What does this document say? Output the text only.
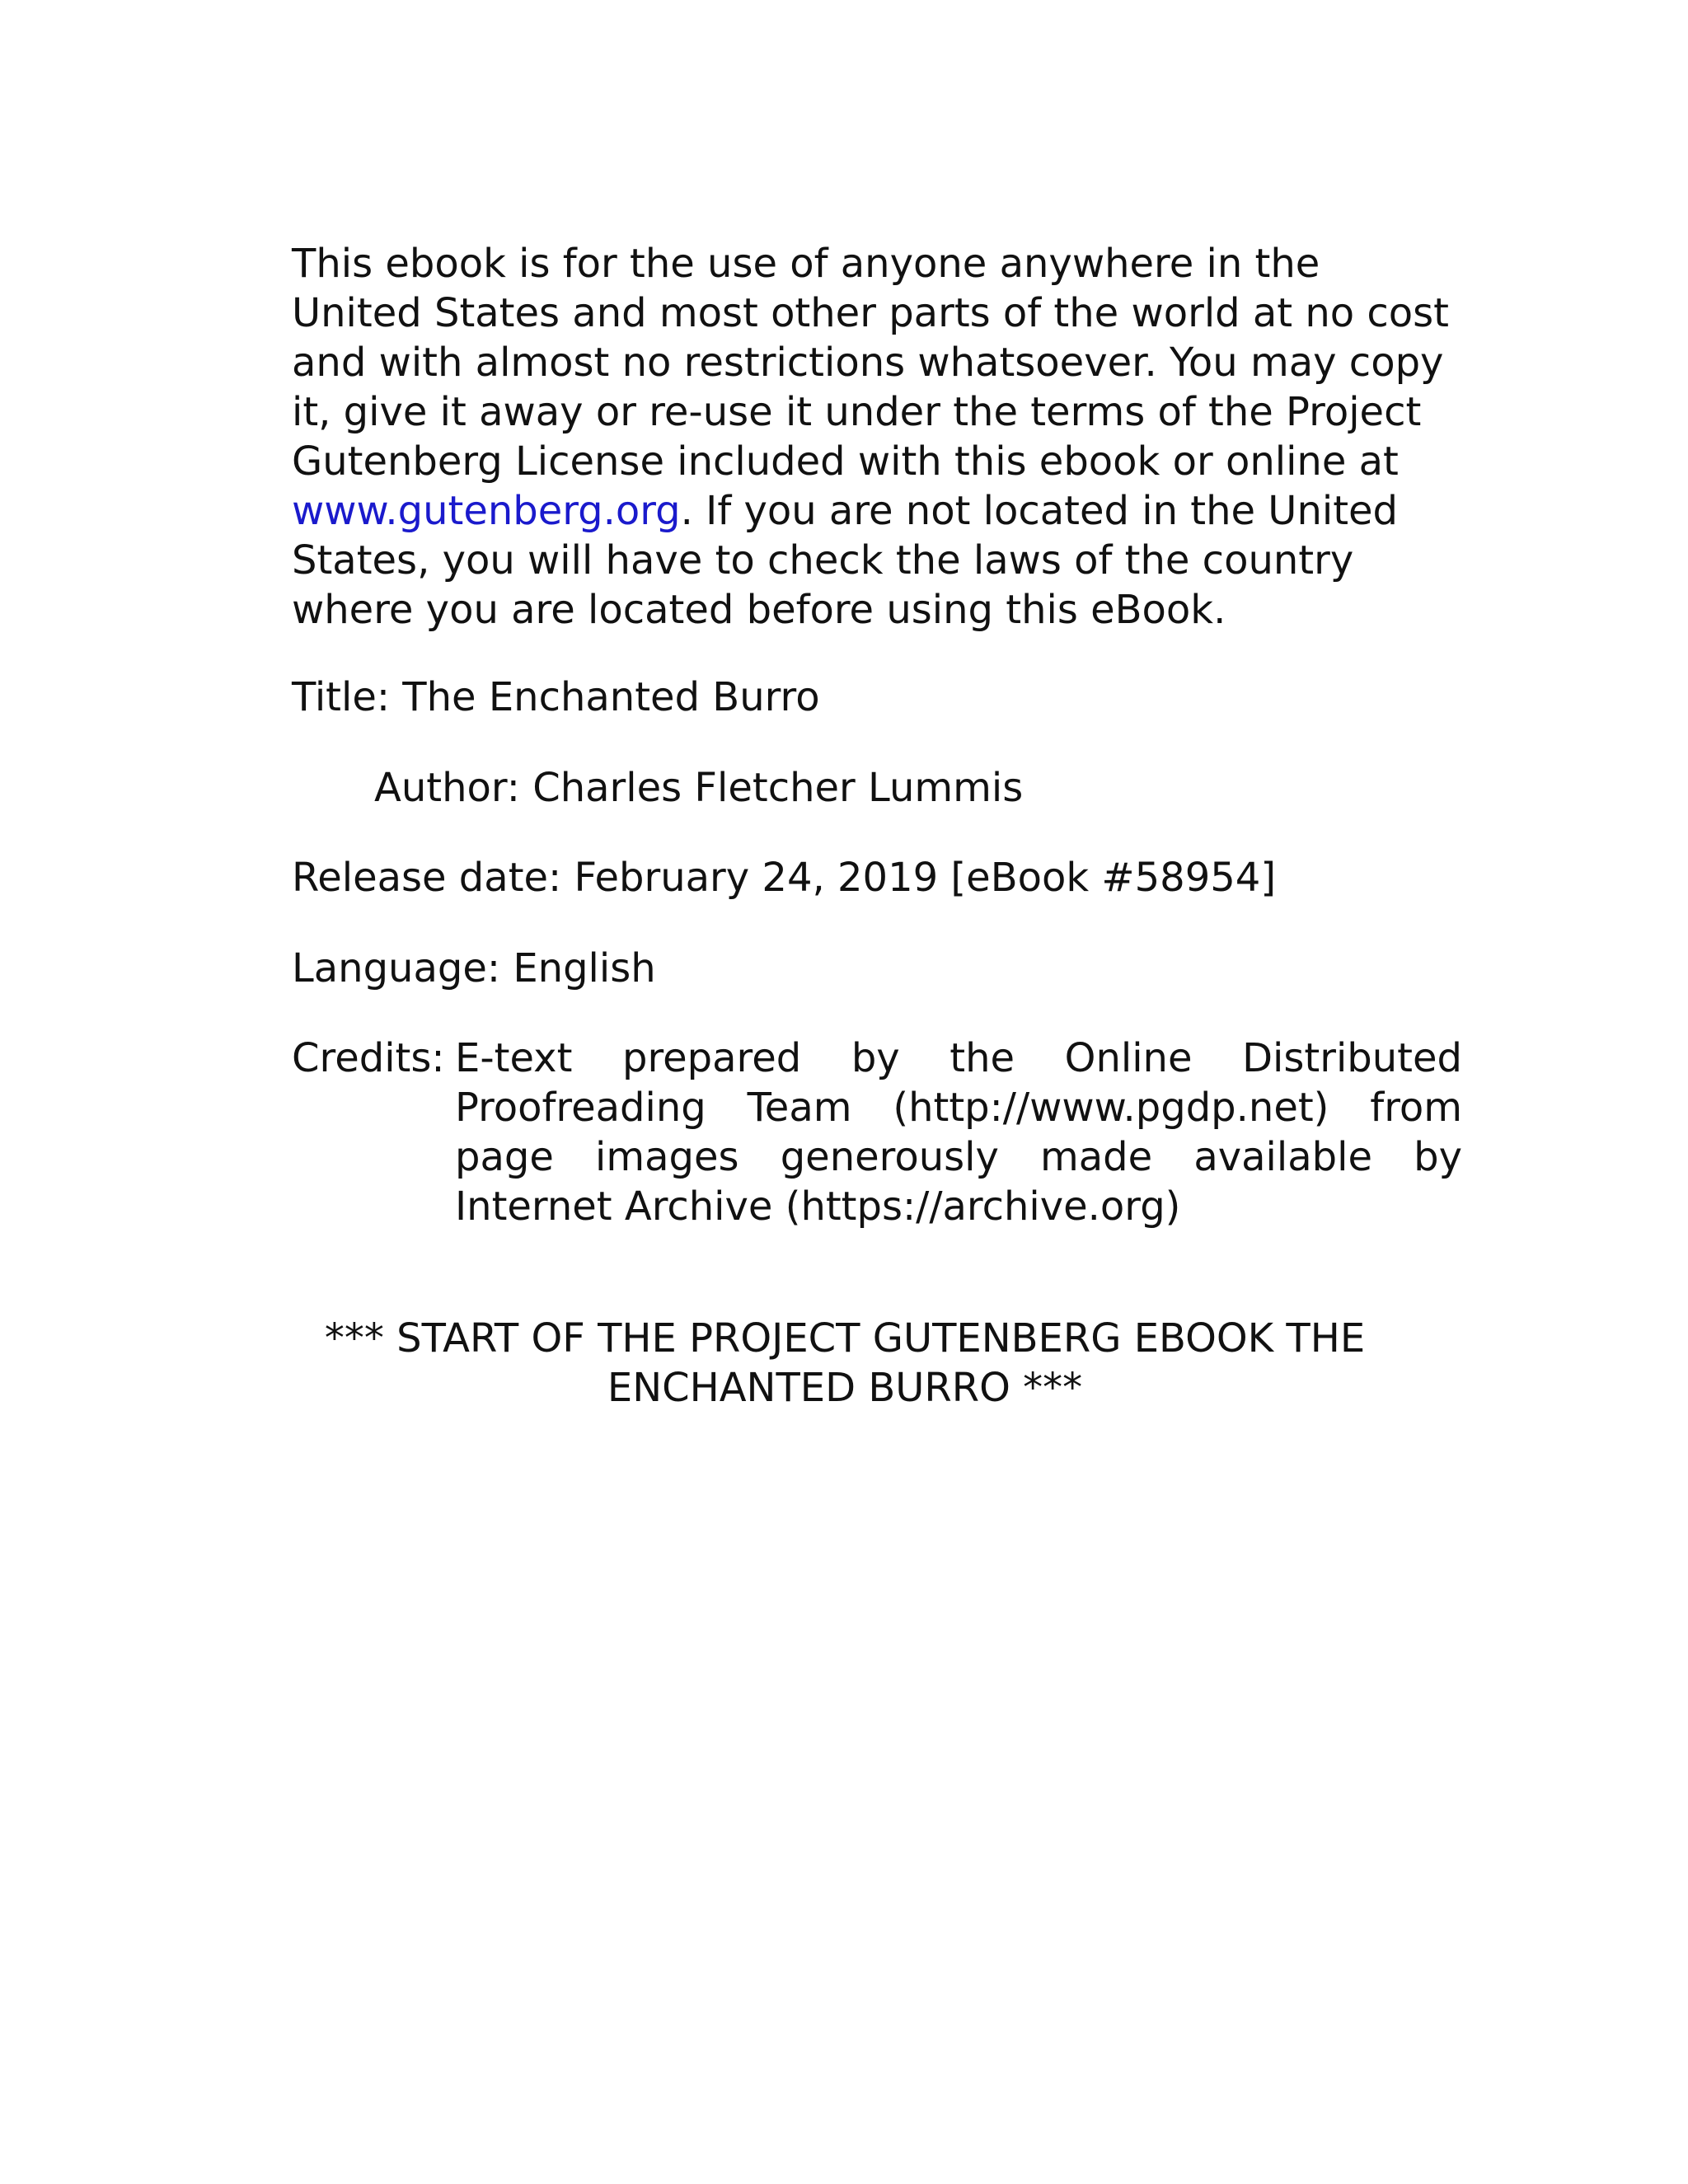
This ebook is for the use of anyone anywhere in the United States and most other parts of the world at no cost and with almost no restrictions whatsoever. You may copy it, give it away or re-use it under the terms of the Project Gutenberg License included with this ebook or online at www.gutenberg.org. If you are not located in the United States, you will have to check the laws of the country where you are located before using this eBook.

Title: The Enchanted Burro
Author: Charles Fletcher Lummis
Release date: February 24, 2019 [eBook #58954]
Language: English
Credits: E-text prepared by the Online Distributed Proofreading Team (http://www.pgdp.net) from page images generously made available by Internet Archive (https://archive.org)
*** START OF THE PROJECT GUTENBERG EBOOK THE ENCHANTED BURRO ***
